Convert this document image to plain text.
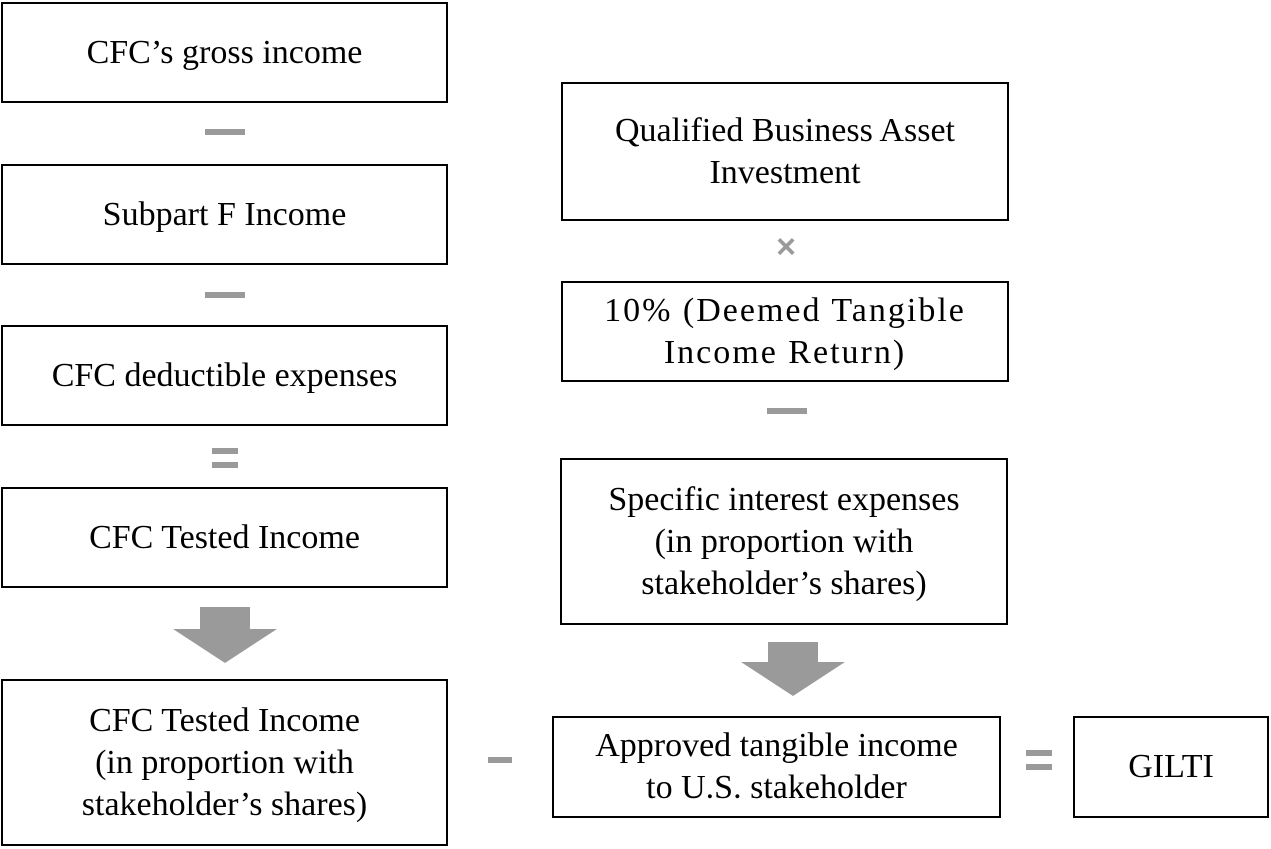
CFC’s gross income
Subpart F Income
CFC deductible expenses
CFC Tested Income
CFC Tested Income
(in proportion with
stakeholder’s shares)
Qualified Business Asset
Investment
×
10% (Deemed Tangible
Income Return)
Specific interest expenses
(in proportion with
stakeholder’s shares)
Approved tangible income
to U.S. stakeholder
GILTI
